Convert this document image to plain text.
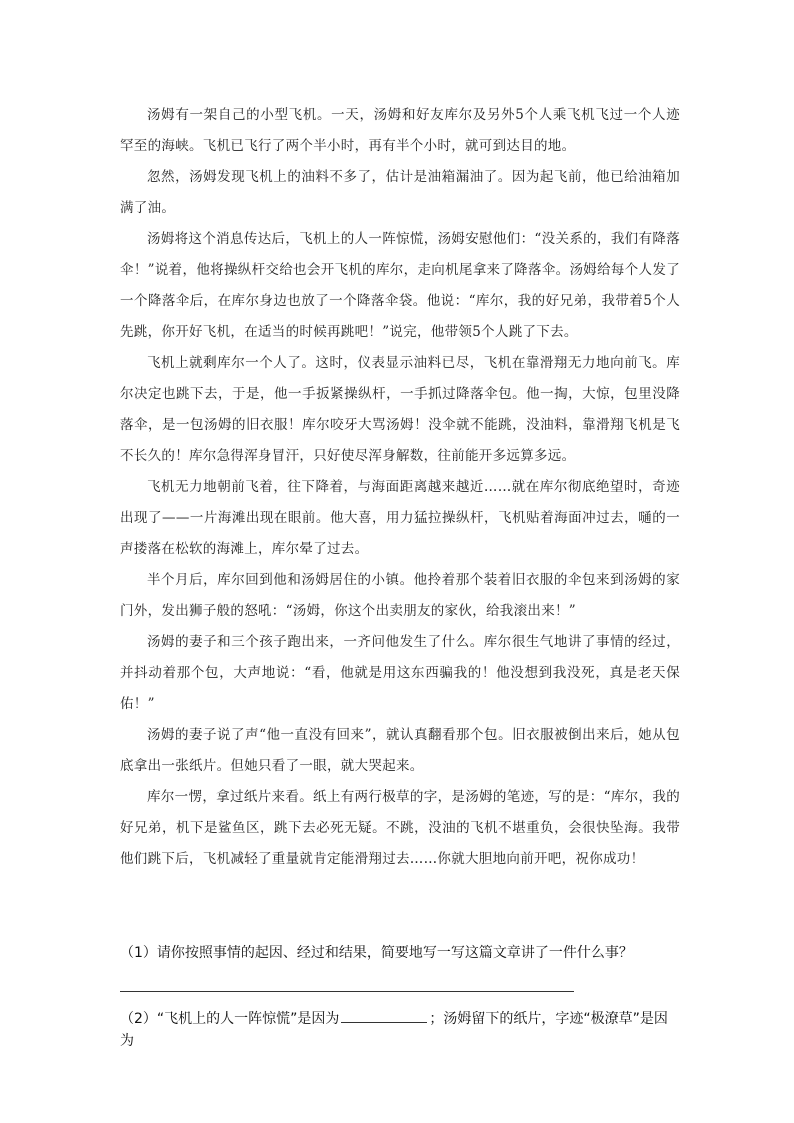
汤姆有一架自己的小型飞机。一天，汤姆和好友库尔及另外5个人乘飞机飞过一个人迹罕至的海峡。飞机已飞行了两个半小时，再有半个小时，就可到达目的地。

忽然，汤姆发现飞机上的油料不多了，估计是油箱漏油了。因为起飞前，他已给油箱加满了油。

汤姆将这个消息传达后，飞机上的人一阵惊慌，汤姆安慰他们：“没关系的，我们有降落伞！”说着，他将操纵杆交给也会开飞机的库尔，走向机尾拿来了降落伞。汤姆给每个人发了一个降落伞后，在库尔身边也放了一个降落伞袋。他说：“库尔，我的好兄弟，我带着5个人先跳，你开好飞机，在适当的时候再跳吧！”说完，他带领5个人跳了下去。

飞机上就剩库尔一个人了。这时，仪表显示油料已尽，飞机在靠滑翔无力地向前飞。库尔决定也跳下去，于是，他一手扳紧操纵杆，一手抓过降落伞包。他一掏，大惊，包里没降落伞，是一包汤姆的旧衣服！库尔咬牙大骂汤姆！没伞就不能跳，没油料，靠滑翔飞机是飞不长久的！库尔急得浑身冒汗，只好使尽浑身解数，往前能开多远算多远。

飞机无力地朝前飞着，往下降着，与海面距离越来越近……就在库尔彻底绝望时，奇迹出现了——一片海滩出现在眼前。他大喜，用力猛拉操纵杆，飞机贴着海面冲过去，嗵的一声搂落在松软的海滩上，库尔晕了过去。

半个月后，库尔回到他和汤姆居住的小镇。他拎着那个装着旧衣服的伞包来到汤姆的家门外，发出狮子般的怒吼：“汤姆，你这个出卖朋友的家伙，给我滚出来！”

汤姆的妻子和三个孩子跑出来，一齐问他发生了什么。库尔很生气地讲了事情的经过，并抖动着那个包，大声地说：“看，他就是用这东西骗我的！他没想到我没死，真是老天保佑！”

汤姆的妻子说了声“他一直没有回来”，就认真翻看那个包。旧衣服被倒出来后，她从包底拿出一张纸片。但她只看了一眼，就大哭起来。

库尔一愣，拿过纸片来看。纸上有两行极草的字，是汤姆的笔迹，写的是：“库尔，我的好兄弟，机下是鲨鱼区，跳下去必死无疑。不跳，没油的飞机不堪重负，会很快坠海。我带他们跳下后，飞机减轻了重量就肯定能滑翔过去……你就大胆地向前开吧，祝你成功！

（1）请你按照事情的起因、经过和结果，简要地写一写这篇文章讲了一件什么事？
（2）“飞机上的人一阵惊慌”是因为	；汤姆留下的纸片，字迹“极潦草”是因为
